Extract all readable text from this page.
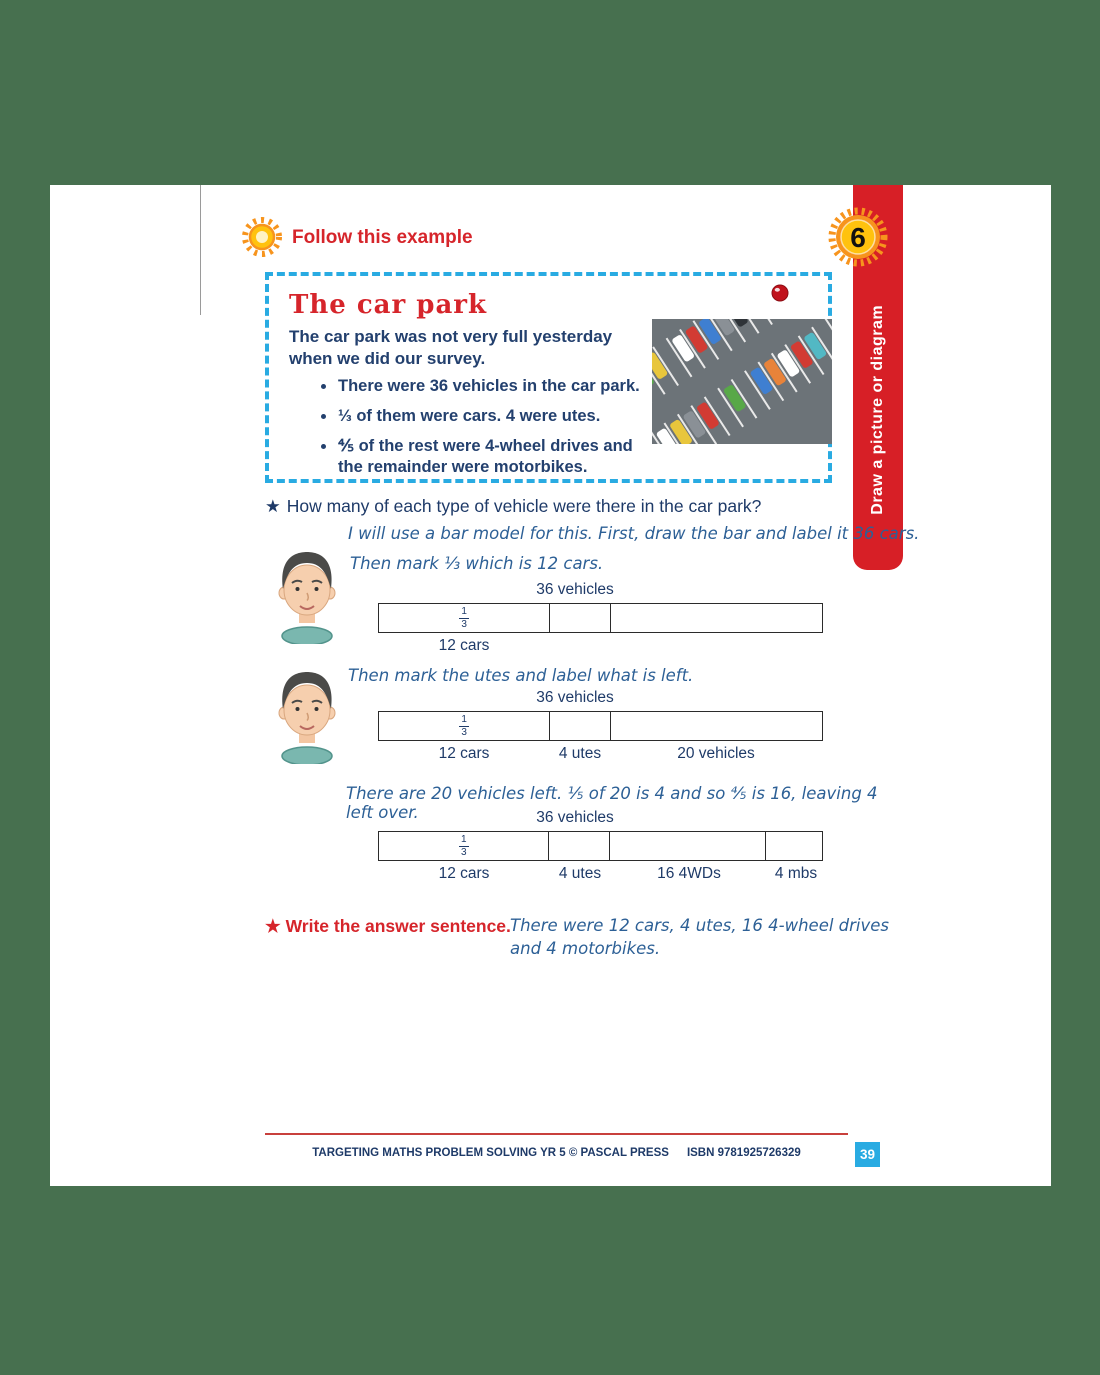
Follow this example
Draw a picture or diagram
6
The car park
The car park was not very full yesterday when we did our survey.
There were 36 vehicles in the car park.
⅓ of them were cars. 4 were utes.
⅘ of the rest were 4-wheel drives and the remainder were motorbikes.
★ How many of each type of vehicle were there in the car park?
I will use a bar model for this. First, draw the bar and label it 36 cars.
Then mark ⅓ which is 12 cars.
36 vehicles
$\frac{1}{3}$
12 cars
Then mark the utes and label what is left.
36 vehicles
$\frac{1}{3}$
12 cars	4 utes	20 vehicles
There are 20 vehicles left. ⅕ of 20 is 4 and so ⅘ is 16, leaving 4 left over.	36 vehicles
$\frac{1}{3}$
12 cars	4 utes	16 4WDs	4 mbs
★ Write the answer sentence. There were 12 cars, 4 utes, 16 4-wheel drives
and 4 motorbikes.
TARGETING MATHS PROBLEM SOLVING YR 5 © PASCAL PRESS ISBN 9781925726329	39
